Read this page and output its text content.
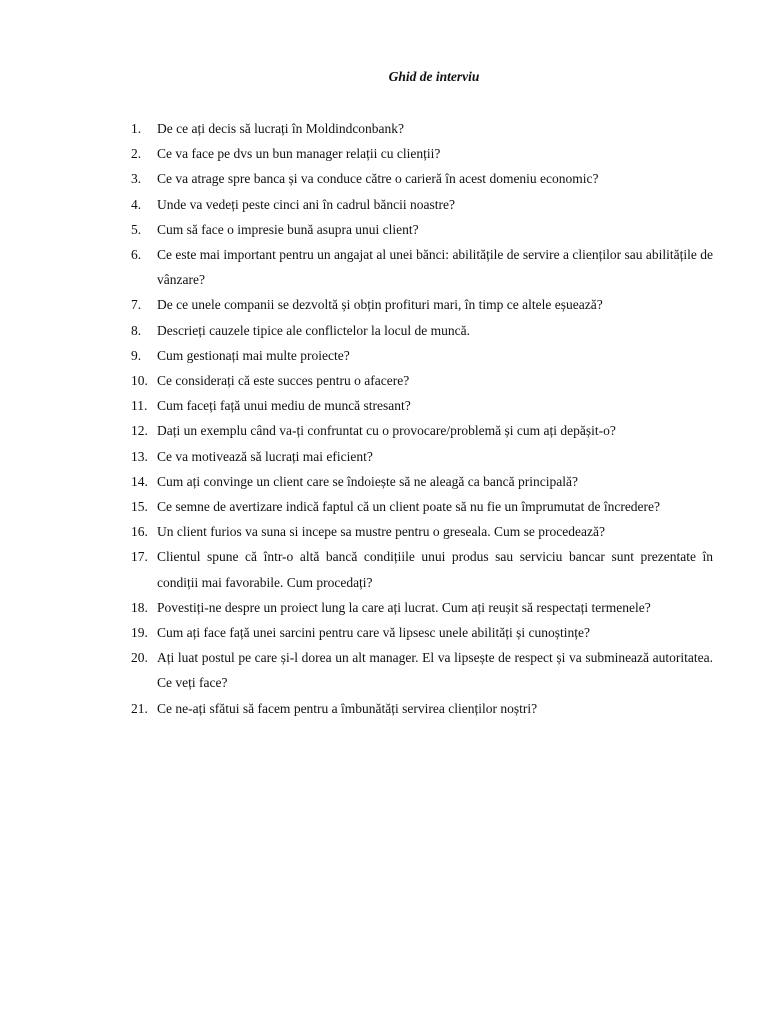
Ghid de interviu
1.	De ce ați decis să lucrați în Moldindconbank?
2.	Ce va face pe dvs un bun manager relații cu clienții?
3.	Ce va atrage spre banca și va conduce către o carieră în acest domeniu economic?
4.	Unde va vedeți peste cinci ani în cadrul băncii noastre?
5.	Cum să face o impresie bună asupra unui client?
6.	Ce este mai important pentru un angajat al unei bănci: abilitățile de servire a clienților sau abilitățile de vânzare?
7.	De ce unele companii se dezvoltă și obțin profituri mari, în timp ce altele eșuează?
8.	Descrieți cauzele tipice ale conflictelor la locul de muncă.
9.	Cum gestionați mai multe proiecte?
10. Ce considerați că este succes pentru o afacere?
11. Cum faceți față unui mediu de muncă stresant?
12. Dați un exemplu când va-ți confruntat cu o provocare/problemă și cum ați depășit-o?
13. Ce va motivează să lucrați mai eficient?
14. Cum ați convinge un client care se îndoiește să ne aleagă ca bancă principală?
15. Ce semne de avertizare indică faptul că un client poate să nu fie un împrumutat de încredere?
16. Un client furios va suna si incepe sa mustre pentru o greseala. Cum se procedează?
17. Clientul spune că într-o altă bancă condițiile unui produs sau serviciu bancar sunt prezentate în condiții mai favorabile. Cum procedați?
18. Povestiți-ne despre un proiect lung la care ați lucrat. Cum ați reușit să respectați termenele?
19. Cum ați face față unei sarcini pentru care vă lipsesc unele abilități și cunoștințe?
20. Ați luat postul pe care și-l dorea un alt manager. El va lipsește de respect și va subminează autoritatea. Ce veți face?
21. Ce ne-ați sfătui să facem pentru a îmbunătăți servirea clienților noștri?
